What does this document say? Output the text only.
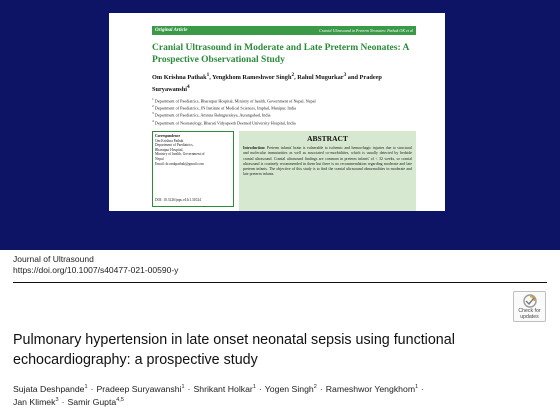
Original Article	Cranial Ultrasound in Preterm Neonates: Pathak OK et al
Cranial Ultrasound in Moderate and Late Preterm Neonates: A Prospective Observational Study
Om Krishna Pathak$^1$, Yengkhom Rameshwor Singh$^2$, Rahul Mugurkar$^3$ and Pradeep Suryawanshi$^4$
$^1$ Department of Paediatrics, Bharatpur Hospital, Ministry of health, Government of Nepal, Nepal
$^2$ Department of Paediatrics, JN Institute of Medical Sciences, Imphal, Manipur, India
$^3$ Department of Paediatrics, Amruta Bahuguraleya, Aurangabad, India
$^4$ Department of Neonatology, Bharati Vidyapeeth Deemed University Hospital, India
Correspondence
Om Krishna Pathak
Department of Paediatrics,
Bharatpur Hospital,
Ministry of health, Government of
Nepal
Email: dr.omkpathak@gmail.com
DOI: 10.3126/jnps.v41i1.31024
ABSTRACT
Introduction: Preterm infants' brain is vulnerable to ischemic and hemorrhagic injuries due to structural and molecular immaturities as well as associated co-morbidities, which is usually detected by bedside cranial ultrasound. Cranial ultrasound findings are common in preterm infants' of < 32 weeks, so cranial ultrasound is routinely recommended in them but there is no recommendation regarding moderate and late preterm infants. The objective of this study is to find the cranial ultrasound abnormalities in moderate and late preterm infants.
Journal of Ultrasound
https://doi.org/10.1007/s40477-021-00590-y
Check for updates
Pulmonary hypertension in late onset neonatal sepsis using functional echocardiography: a prospective study
Sujata Deshpande$^1$ · Pradeep Suryawanshi$^1$ · Shrikant Holkar$^1$ · Yogen Singh$^2$ · Rameshwor Yengkhom$^1$ ·
Jan Klimek$^3$ · Samir Gupta$^{4,5}$
